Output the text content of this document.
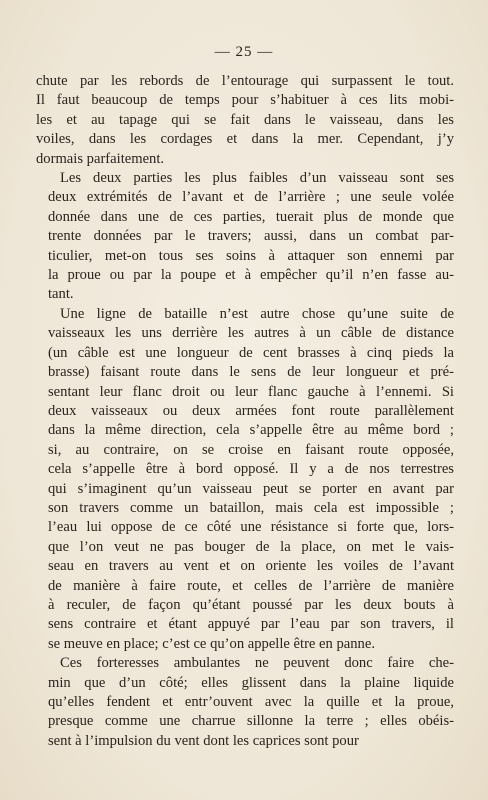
— 25 —

chute par les rebords de l’entourage qui surpassent le tout.
Il faut beaucoup de temps pour s’habituer à ces lits mobi-
les et au tapage qui se fait dans le vaisseau, dans les
voiles, dans les cordages et dans la mer. Cependant, j’y
dormais parfaitement.

Les deux parties les plus faibles d’un vaisseau sont ses
deux extrémités de l’avant et de l’arrière ; une seule volée
donnée dans une de ces parties, tuerait plus de monde que
trente données par le travers; aussi, dans un combat par-
ticulier, met-on tous ses soins à attaquer son ennemi par
la proue ou par la poupe et à empêcher qu’il n’en fasse au-
tant.

Une ligne de bataille n’est autre chose qu’une suite de
vaisseaux les uns derrière les autres à un câble de distance
(un câble est une longueur de cent brasses à cinq pieds la
brasse) faisant route dans le sens de leur longueur et pré-
sentant leur flanc droit ou leur flanc gauche à l’ennemi. Si
deux vaisseaux ou deux armées font route parallèlement
dans la même direction, cela s’appelle être au même bord ;
si, au contraire, on se croise en faisant route opposée,
cela s’appelle être à bord opposé. Il y a de nos terrestres
qui s’imaginent qu’un vaisseau peut se porter en avant par
son travers comme un bataillon, mais cela est impossible ;
l’eau lui oppose de ce côté une résistance si forte que, lors-
que l’on veut ne pas bouger de la place, on met le vais-
seau en travers au vent et on oriente les voiles de l’avant
de manière à faire route, et celles de l’arrière de manière
à reculer, de façon qu’étant poussé par les deux bouts à
sens contraire et étant appuyé par l’eau par son travers, il
se meuve en place; c’est ce qu’on appelle être en panne.

Ces forteresses ambulantes ne peuvent donc faire che-
min que d’un côté; elles glissent dans la plaine liquide
qu’elles fendent et entr’ouvent avec la quille et la proue,
presque comme une charrue sillonne la terre ; elles obéis-
sent à l’impulsion du vent dont les caprices sont pour
